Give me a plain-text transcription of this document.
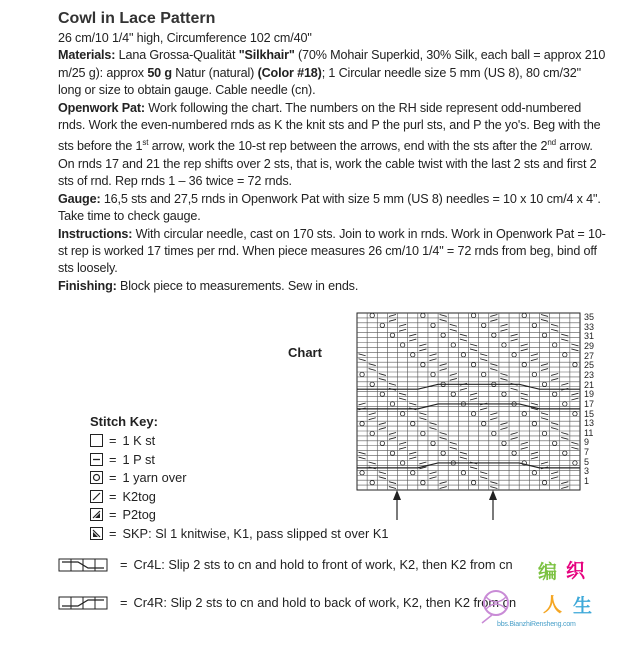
Cowl in Lace Pattern

26 cm/10 1/4" high, Circumference 102 cm/40"

Materials: Lana Grossa-Qualität "Silkhair" (70% Mohair Superkid, 30% Silk, each ball = approx 210 m/25 g): approx 50 g Natur (natural) (Color #18); 1 Circular needle size 5 mm (US 8), 80 cm/32" long or size to obtain gauge. Cable needle (cn).

Openwork Pat: Work following the chart. The numbers on the RH side represent odd-numbered rnds. Work the even-numbered rnds as K the knit sts and P the purl sts, and P the yo's. Beg with the sts before the 1st arrow, work the 10-st rep between the arrows, end with the sts after the 2nd arrow. On rnds 17 and 21 the rep shifts over 2 sts, that is, work the cable twist with the last 2 sts and first 2 sts of rnd. Rep rnds 1 – 36 twice = 72 rnds.

Gauge: 16,5 sts and 27,5 rnds in Openwork Pat with size 5 mm (US 8) needles = 10 x 10 cm/4 x 4". Take time to check gauge.

Instructions: With circular needle, cast on 170 sts. Join to work in rnds. Work in Openwork Pat = 10-st rep is worked 17 times per rnd. When piece measures 26 cm/10 1/4" = 72 rnds from beg, bind off sts loosely.

Finishing: Block piece to measurements. Sew in ends.

Chart
35
33
31
29
27
25
23
21
19
17
15
13
11
9
7
5
3
1
Stitch Key:
= 1 K st
= 1 P st
= 1 yarn over
= K2tog
= P2tog
= SKP: Sl 1 knitwise, K1, pass slipped st over K1
= Cr4L: Slip 2 sts to cn and hold to front of work, K2, then K2 from cn
= Cr4R: Slip 2 sts to cn and hold to back of work, K2, then K2 from cn
编 织
人 生
bbs.BianzhiRensheng.com
